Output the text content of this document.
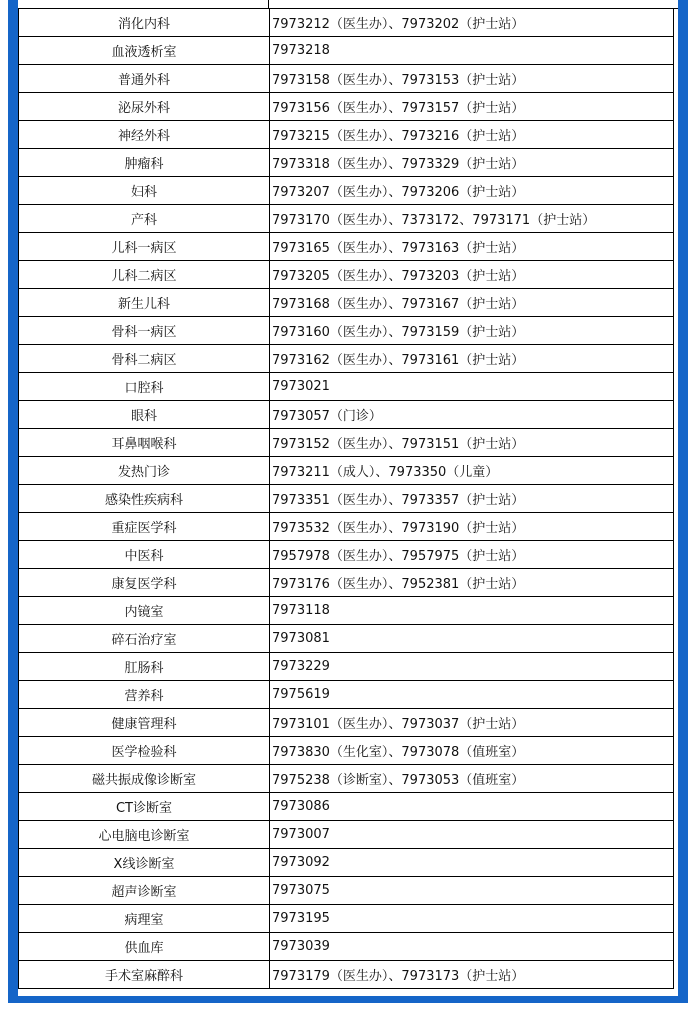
消化内科	7973212（医生办）、7973202（护士站）
血液透析室	7973218
普通外科	7973158（医生办）、7973153（护士站）
泌尿外科	7973156（医生办）、7973157（护士站）
神经外科	7973215（医生办）、7973216（护士站）
肿瘤科	7973318（医生办）、7973329（护士站）
妇科	7973207（医生办）、7973206（护士站）
产科	7973170（医生办）、7373172、7973171（护士站）
儿科一病区	7973165（医生办）、7973163（护士站）
儿科二病区	7973205（医生办）、7973203（护士站）
新生儿科	7973168（医生办）、7973167（护士站）
骨科一病区	7973160（医生办）、7973159（护士站）
骨科二病区	7973162（医生办）、7973161（护士站）
口腔科	7973021
眼科	7973057（门诊）
耳鼻咽喉科	7973152（医生办）、7973151（护士站）
发热门诊	7973211（成人）、7973350（儿童）
感染性疾病科	7973351（医生办）、7973357（护士站）
重症医学科	7973532（医生办）、7973190（护士站）
中医科	7957978（医生办）、7957975（护士站）
康复医学科	7973176（医生办）、7952381（护士站）
内镜室	7973118
碎石治疗室	7973081
肛肠科	7973229
营养科	7975619
健康管理科	7973101（医生办）、7973037（护士站）
医学检验科	7973830（生化室）、7973078（值班室）
磁共振成像诊断室	7975238（诊断室）、7973053（值班室）
CT诊断室	7973086
心电脑电诊断室	7973007
X线诊断室	7973092
超声诊断室	7973075
病理室	7973195
供血库	7973039
手术室麻醉科	7973179（医生办）、7973173（护士站）
